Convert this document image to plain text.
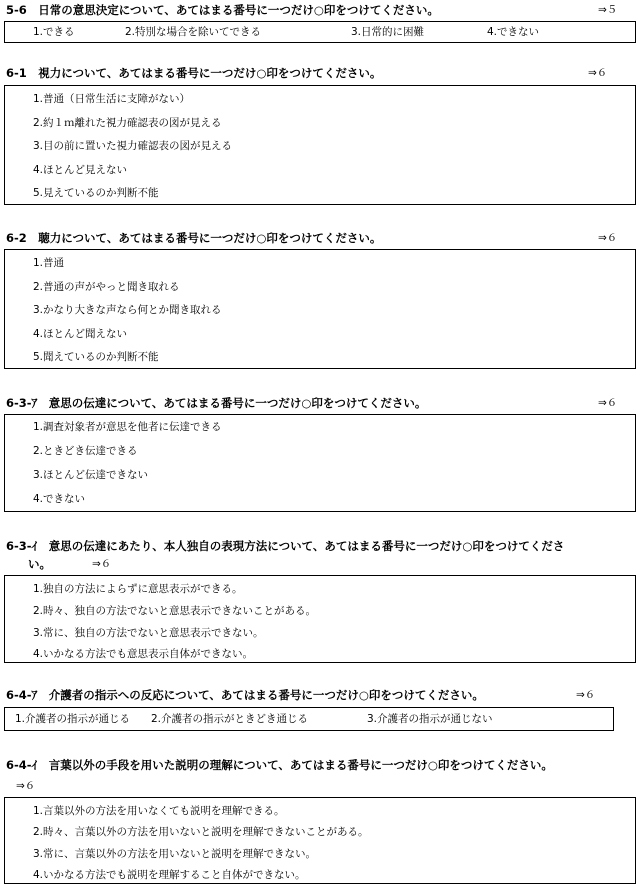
5-6　日常の意思決定について、あてはまる番号に一つだけ○印をつけてください。	⇒５
1.できる	2.特別な場合を除いてできる	3.日常的に困難	4.できない
6-1　視力について、あてはまる番号に一つだけ○印をつけてください。	⇒６
1.普通（日常生活に支障がない）
2.約１ｍ離れた視力確認表の図が見える
3.目の前に置いた視力確認表の図が見える
4.ほとんど見えない
5.見えているのか判断不能
6-2　聴力について、あてはまる番号に一つだけ○印をつけてください。	⇒６
1.普通
2.普通の声がやっと聞き取れる
3.かなり大きな声なら何とか聞き取れる
4.ほとんど聞えない
5.聞えているのか判断不能
6-3-ｱ　意思の伝達について、あてはまる番号に一つだけ○印をつけてください。	⇒６
1.調査対象者が意思を他者に伝達できる
2.ときどき伝達できる
3.ほとんど伝達できない
4.できない
6-3-ｲ　意思の伝達にあたり、本人独自の表現方法について、あてはまる番号に一つだけ○印をつけてくださ
い。	⇒６
1.独自の方法によらずに意思表示ができる。
2.時々、独自の方法でないと意思表示できないことがある。
3.常に、独自の方法でないと意思表示できない。
4.いかなる方法でも意思表示自体ができない。
6-4-ｱ　介護者の指示への反応について、あてはまる番号に一つだけ○印をつけてください。	⇒６
1.介護者の指示が通じる 2.介護者の指示がときどき通じる	3.介護者の指示が通じない
6-4-ｲ　言葉以外の手段を用いた説明の理解について、あてはまる番号に一つだけ○印をつけてください。
⇒６
1.言葉以外の方法を用いなくても説明を理解できる。
2.時々、言葉以外の方法を用いないと説明を理解できないことがある。
3.常に、言葉以外の方法を用いないと説明を理解できない。
4.いかなる方法でも説明を理解すること自体ができない。
